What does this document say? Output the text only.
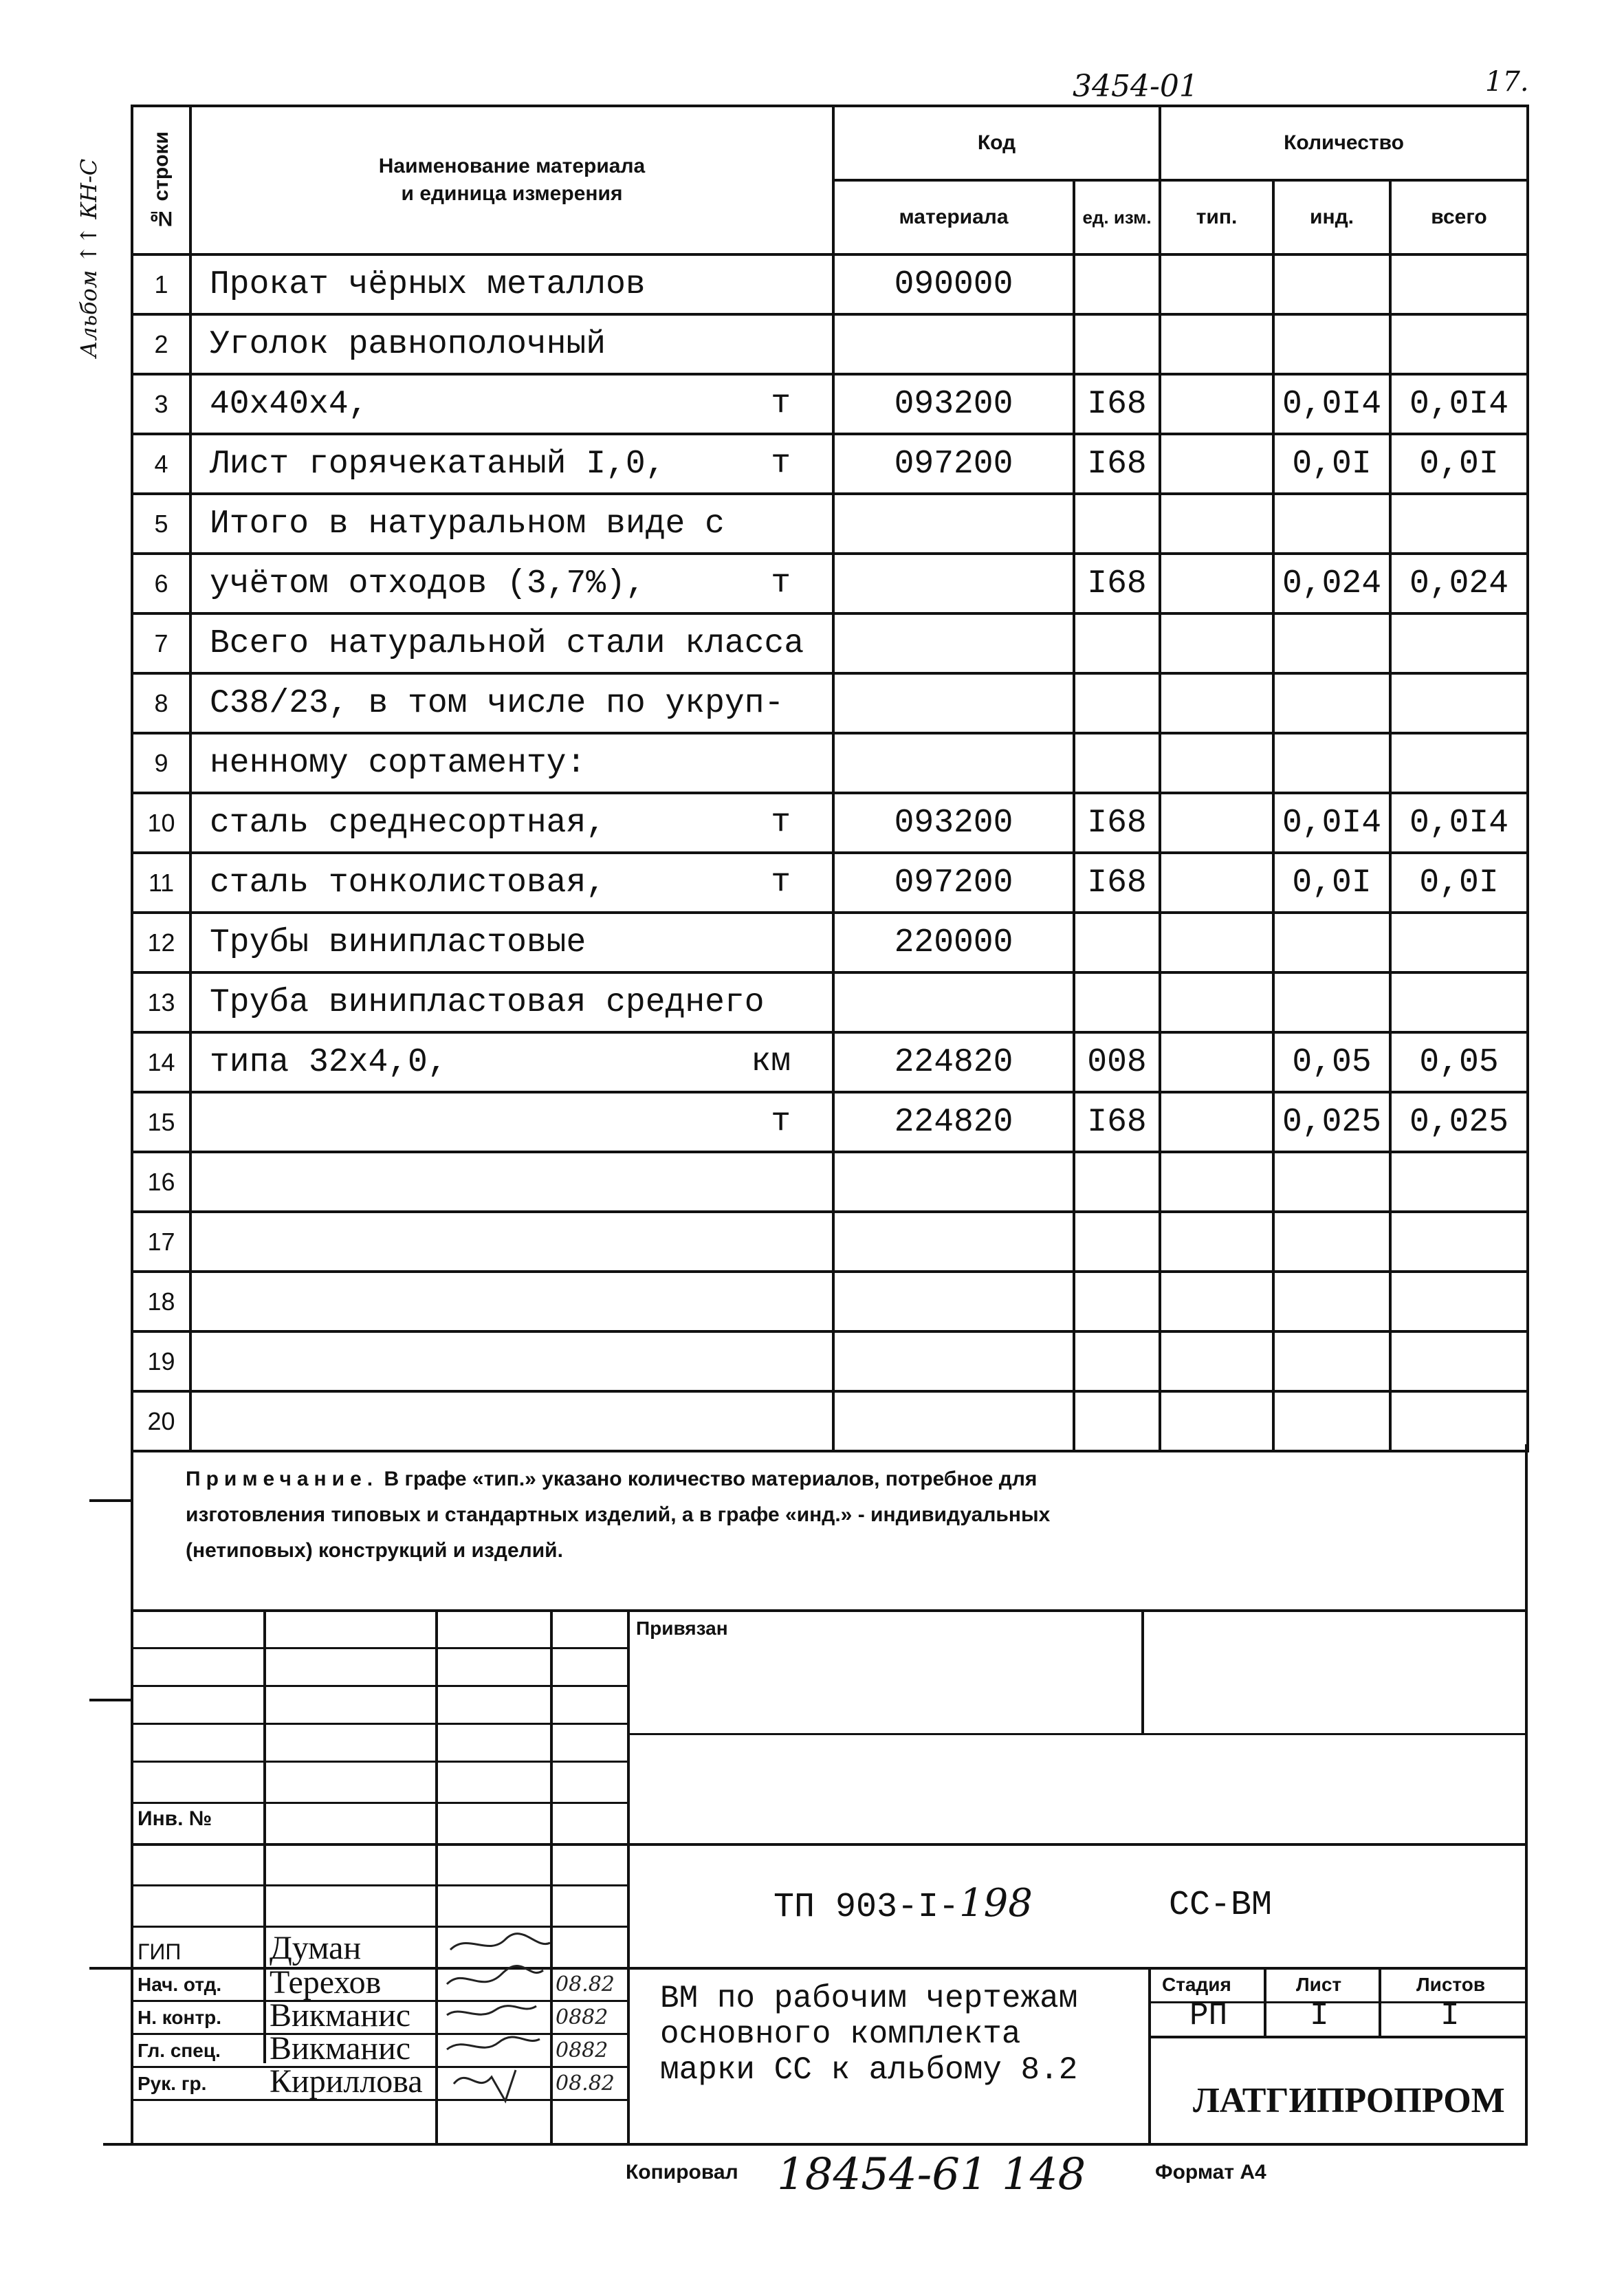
3454-01	17.
Альбом ↑↑ КН-С № строки	Наименование материала
и единица измерения	Код		Количество		
		материала	ед. изм.	тип.	инд.	всего
1	Прокат чёрных металлов	090000				
2	Уголок равнополочный

3	40х40х4, т	093200	I68		0,0I4	0,0I4
4	Лист горячекатаный I,0, т	097200	I68		0,0I	0,0I
5	Итого в натуральном виде с

6	учётом отходов (3,7%), т		I68		0,024	0,024
7	Всего натуральной стали класса

8	С38/23, в том числе по укруп-

9	ненному сортаменту:

10	сталь среднесортная, т	093200	I68		0,0I4	0,0I4
11	сталь тонколистовая, т	097200	I68		0,0I	0,0I
12	Трубы винипластовые	220000				
13	Труба винипластовая среднего

14	типа 32х4,0, км	224820	008		0,05	0,05
15	т	224820	I68		0,025	0,025
16	

17	

18	

19	

20	

Примечание. В графе «тип.» указано количество материалов, потребное для
изготовления типовых и стандартных изделий, а в графе «инд.» - индивидуальных
(нетиповых) конструкций и изделий.
Привязан
Инв. №
ТП 903-I-198	СС-ВМ
ВМ по рабочим чертежам
основного комплекта
марки СС к альбому 8.2
Стадия	Лист	Листов
РП	I	I
ЛАТГИПРОПРОМ
ГИП	Думан
Нач. отд. Терехов	08.82
Н. контр. Викманис	0882
Гл. спец. Викманис	0882
Рук. гр. Кириллова	08.82
Копировал 18454-61 148	Формат А4
